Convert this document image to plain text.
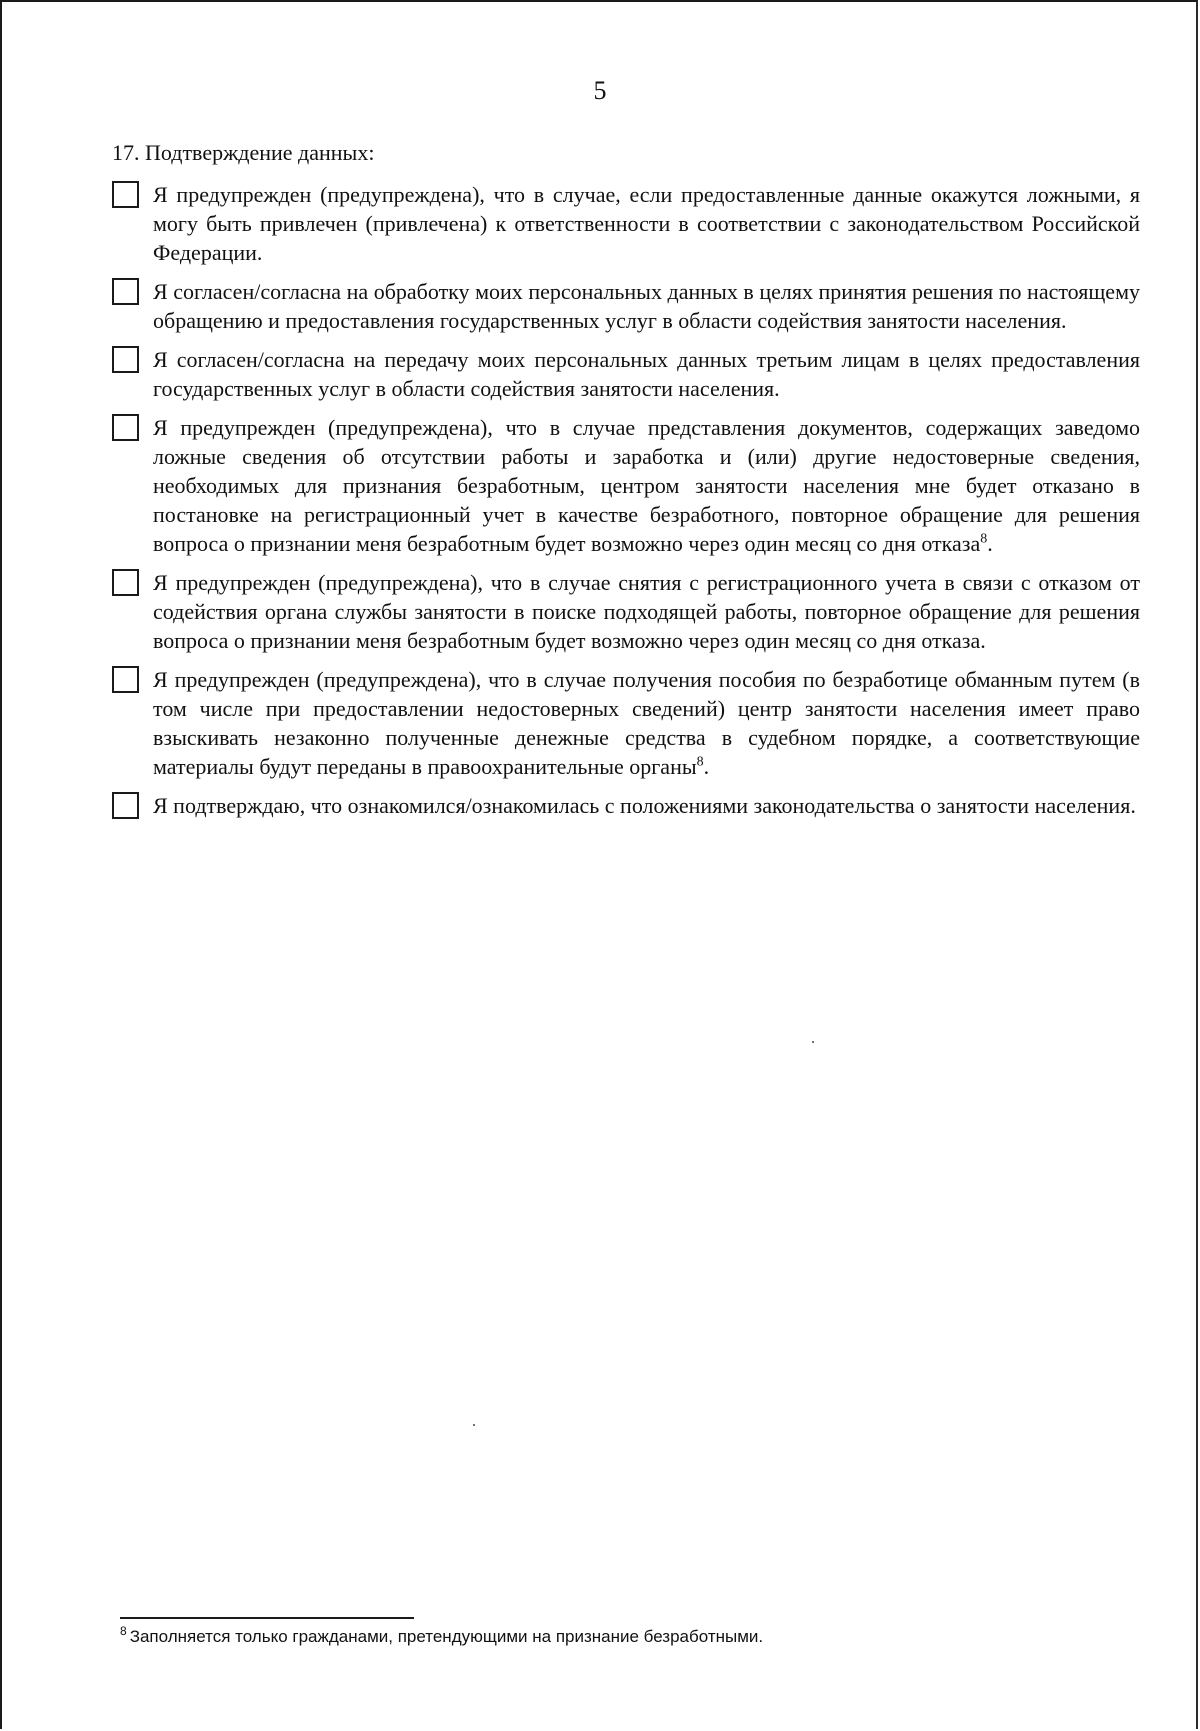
5
17. Подтверждение данных:
Я предупрежден (предупреждена), что в случае, если предоставленные данные окажутся ложными, я могу быть привлечен (привлечена) к ответственности в соответствии с законодательством Российской Федерации.
Я согласен/согласна на обработку моих персональных данных в целях принятия решения по настоящему обращению и предоставления государственных услуг в области содействия занятости населения.
Я согласен/согласна на передачу моих персональных данных третьим лицам в целях предоставления государственных услуг в области содействия занятости населения.
Я предупрежден (предупреждена), что в случае представления документов, содержащих заведомо ложные сведения об отсутствии работы и заработка и (или) другие недостоверные сведения, необходимых для признания безработным, центром занятости населения мне будет отказано в постановке на регистрационный учет в качестве безработного, повторное обращение для решения вопроса о признании меня безработным будет возможно через один месяц со дня отказа$^8$.
Я предупрежден (предупреждена), что в случае снятия с регистрационного учета в связи с отказом от содействия органа службы занятости в поиске подходящей работы, повторное обращение для решения вопроса о признании меня безработным будет возможно через один месяц со дня отказа.
Я предупрежден (предупреждена), что в случае получения пособия по безработице обманным путем (в том числе при предоставлении недостоверных сведений) центр занятости населения имеет право взыскивать незаконно полученные денежные средства в судебном порядке, а соответствующие материалы будут переданы в правоохранительные органы$^8$.
Я подтверждаю, что ознакомился/ознакомилась с положениями законодательства о занятости населения.
$^8$ Заполняется только гражданами, претендующими на признание безработными.
